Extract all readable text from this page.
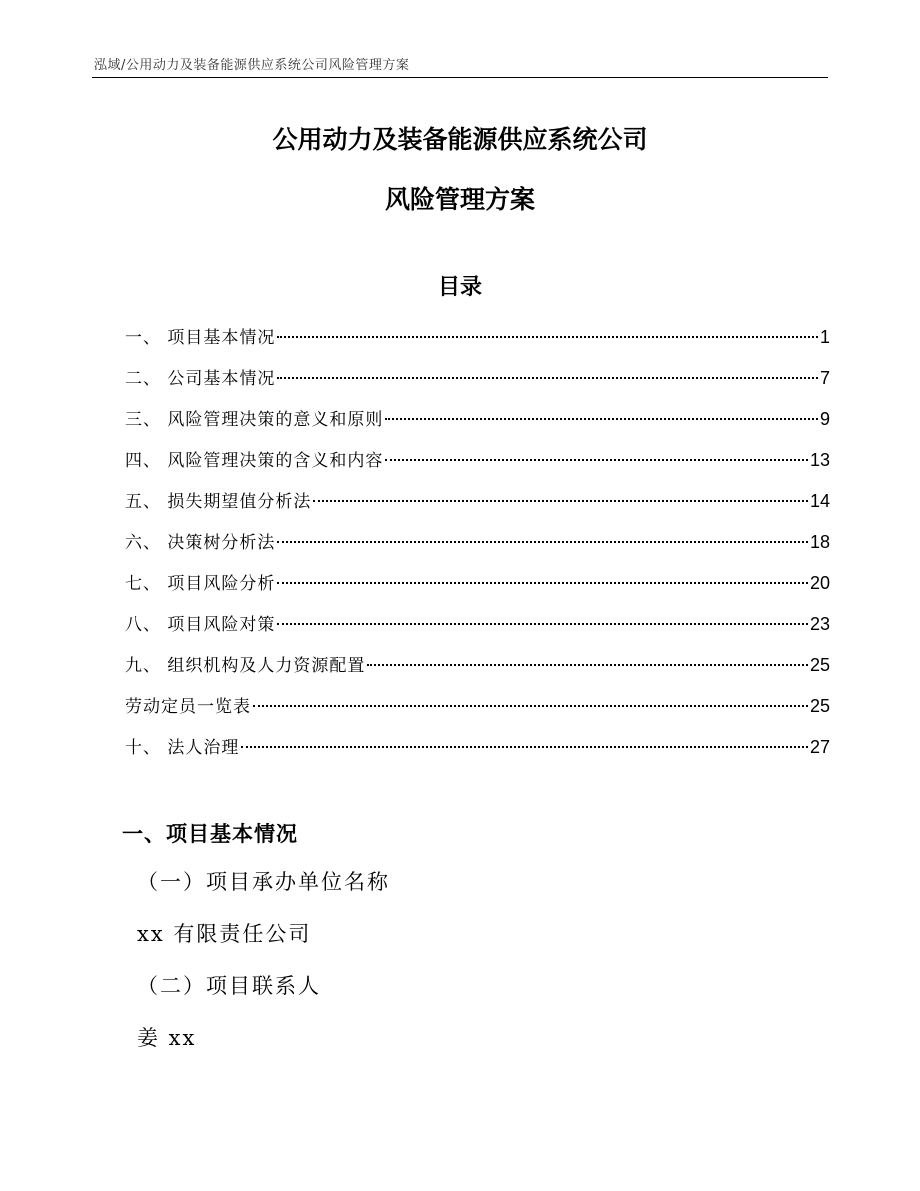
泓域/公用动力及装备能源供应系统公司风险管理方案
公用动力及装备能源供应系统公司
风险管理方案
目录
一、 项目基本情况	1
二、 公司基本情况	7
三、 风险管理决策的意义和原则	9
四、 风险管理决策的含义和内容	13
五、 损失期望值分析法	14
六、 决策树分析法	18
七、 项目风险分析	20
八、 项目风险对策	23
九、 组织机构及人力资源配置	25
劳动定员一览表	25
十、 法人治理	27
一、项目基本情况
（一）项目承办单位名称
xx 有限责任公司
（二）项目联系人
姜 xx
